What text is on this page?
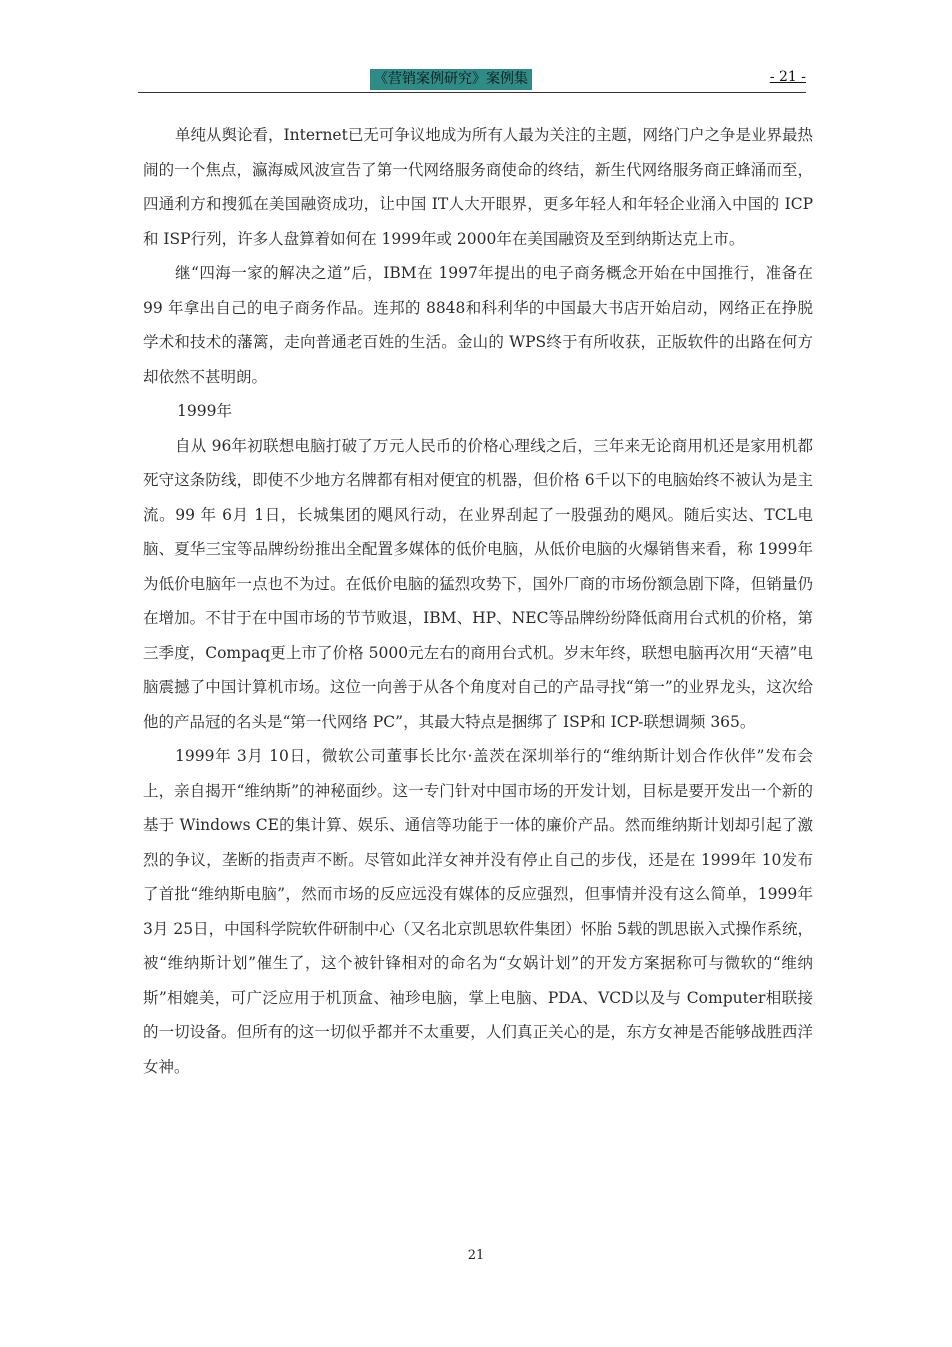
《营销案例研究》案例集	- 21 -

单纯从舆论看，Internet已无可争议地成为所有人最为关注的主题，网络门户之争是业界最热闹的一个焦点，瀛海威风波宣告了第一代网络服务商使命的终结，新生代网络服务商正蜂涌而至，四通利方和搜狐在美国融资成功，让中国 IT人大开眼界，更多年轻人和年轻企业涌入中国的 ICP和 ISP行列，许多人盘算着如何在 1999年或 2000年在美国融资及至到纳斯达克上市。

继“四海一家的解决之道”后，IBM在 1997年提出的电子商务概念开始在中国推行，准备在 99 年拿出自己的电子商务作品。连邦的 8848和科利华的中国最大书店开始启动，网络正在挣脱学术和技术的藩篱，走向普通老百姓的生活。金山的 WPS终于有所收获，正版软件的出路在何方却依然不甚明朗。

1999年

自从 96年初联想电脑打破了万元人民币的价格心理线之后，三年来无论商用机还是家用机都死守这条防线，即使不少地方名牌都有相对便宜的机器，但价格 6千以下的电脑始终不被认为是主流。99 年 6月 1日，长城集团的飓风行动，在业界刮起了一股强劲的飓风。随后实达、TCL电脑、夏华三宝等品牌纷纷推出全配置多媒体的低价电脑，从低价电脑的火爆销售来看，称 1999年为低价电脑年一点也不为过。在低价电脑的猛烈攻势下，国外厂商的市场份额急剧下降，但销量仍在增加。不甘于在中国市场的节节败退，IBM、HP、NEC等品牌纷纷降低商用台式机的价格，第三季度，Compaq更上市了价格 5000元左右的商用台式机。岁末年终，联想电脑再次用“天禧”电脑震撼了中国计算机市场。这位一向善于从各个角度对自己的产品寻找“第一”的业界龙头，这次给他的产品冠的名头是“第一代网络 PC”，其最大特点是捆绑了 ISP和 ICP-联想调频 365。

1999年 3月 10日，微软公司董事长比尔·盖茨在深圳举行的“维纳斯计划合作伙伴”发布会上，亲自揭开“维纳斯”的神秘面纱。这一专门针对中国市场的开发计划，目标是要开发出一个新的基于 Windows CE的集计算、娱乐、通信等功能于一体的廉价产品。然而维纳斯计划却引起了激烈的争议，垄断的指责声不断。尽管如此洋女神并没有停止自己的步伐，还是在 1999年 10发布了首批“维纳斯电脑”，然而市场的反应远没有媒体的反应强烈，但事情并没有这么简单，1999年 3月 25日，中国科学院软件研制中心（又名北京凯思软件集团）怀胎 5载的凯思嵌入式操作系统，被“维纳斯计划”催生了，这个被针锋相对的命名为“女娲计划”的开发方案据称可与微软的“维纳斯”相媲美，可广泛应用于机顶盒、袖珍电脑，掌上电脑、PDA、VCD以及与 Computer相联接的一切设备。但所有的这一切似乎都并不太重要，人们真正关心的是，东方女神是否能够战胜西洋女神。

21
